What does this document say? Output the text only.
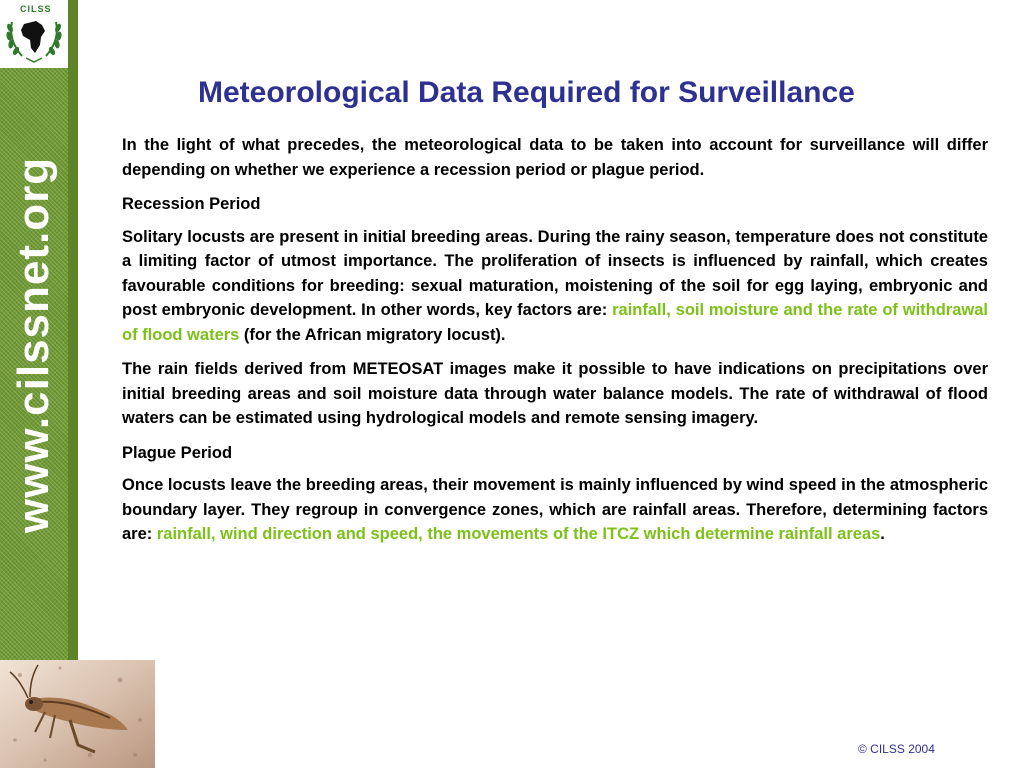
CILSS
www.cilssnet.org
Meteorological Data Required for Surveillance

In the light of what precedes, the meteorological data to be taken into account for surveillance will differ depending on whether we experience a recession period or plague period.

Recession Period

Solitary locusts are present in initial breeding areas. During the rainy season, temperature does not constitute a limiting factor of utmost importance. The proliferation of insects is influenced by rainfall, which creates favourable conditions for breeding: sexual maturation, moistening of the soil for egg laying, embryonic and post embryonic development. In other words, key factors are: rainfall, soil moisture and the rate of withdrawal of flood waters (for the African migratory locust).

The rain fields derived from METEOSAT images make it possible to have indications on precipitations over initial breeding areas and soil moisture data through water balance models. The rate of withdrawal of flood waters can be estimated using hydrological models and remote sensing imagery.

Plague Period

Once locusts leave the breeding areas, their movement is mainly influenced by wind speed in the atmospheric boundary layer. They regroup in convergence zones, which are rainfall areas. Therefore, determining factors are: rainfall, wind direction and speed, the movements of the ITCZ which determine rainfall areas.

© CILSS 2004
